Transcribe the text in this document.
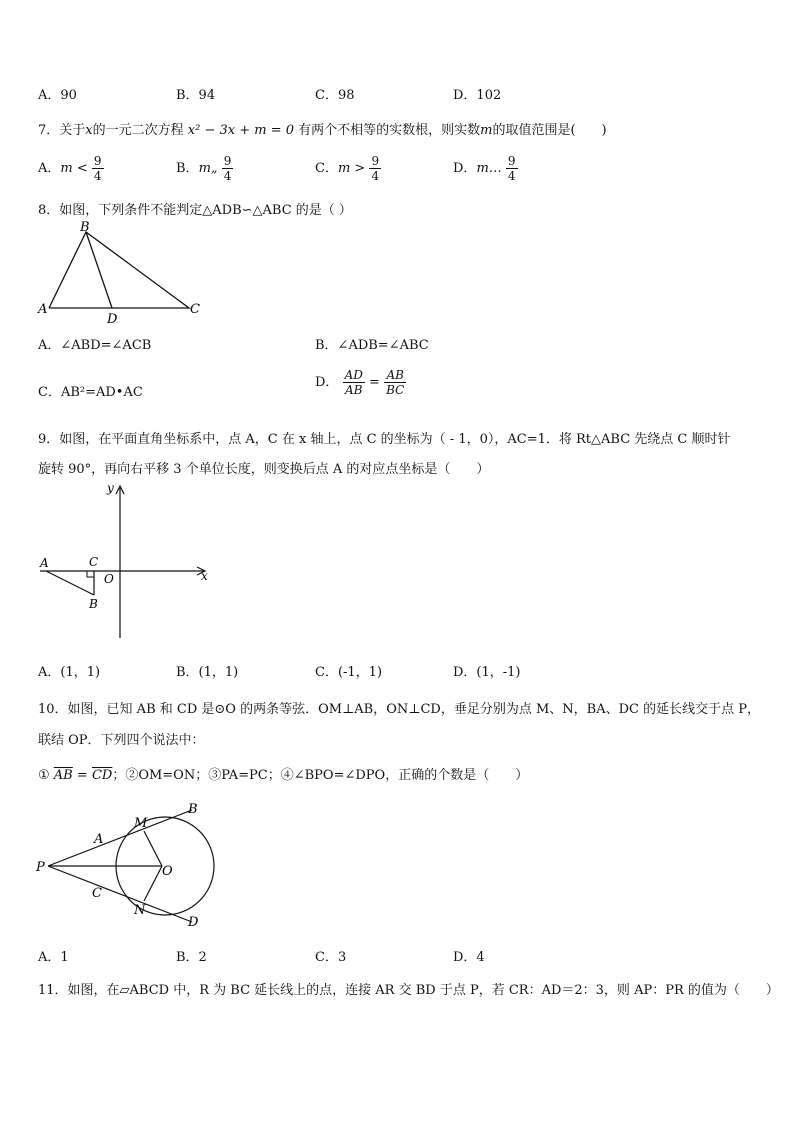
A．90	B．94	C．98	D．102
7．关于x的一元二次方程 x² − 3x + m = 0 有两个不相等的实数根，则实数m的取值范围是(　　)
A．$m < \frac{9}{4}$	B．m„ $\frac{9}{4}$	C．$m > \frac{9}{4}$	D．m… $\frac{9}{4}$
8．如图，下列条件不能判定△ADB∽△ABC 的是（ ）
B
A
D
C
A．∠ABD=∠ACB	B．∠ADB=∠ABC
C．AB²=AD•AC
D． $\frac{AD}{AB} = \frac{AB}{BC}$
9．如图，在平面直角坐标系中，点 A，C 在 x 轴上，点 C 的坐标为（ - 1，0），AC=1．将 Rt△ABC 先绕点 C 顺时针
旋转 90°，再向右平移 3 个单位长度，则变换后点 A 的对应点坐标是（　　）
y
x
A	C
O
B
A．(1，1)	B．(1，1)	C．(-1，1)	D．(1，-1)
10．如图，已知 AB 和 CD 是⊙O 的两条等弦．OM⊥AB，ON⊥CD，垂足分别为点 M、N，BA、DC 的延长线交于点 P，
联结 OP．下列四个说法中：
① $\overline{AB} = \overline{CD}$；②OM=ON；③PA=PC；④∠BPO=∠DPO，正确的个数是（　　）
P
A
M
B
O
C
N
D
A．1	B．2	C．3	D．4
11．如图，在▱ABCD 中，R 为 BC 延长线上的点，连接 AR 交 BD 于点 P，若 CR：AD＝2：3，则 AP：PR 的值为（　　）
